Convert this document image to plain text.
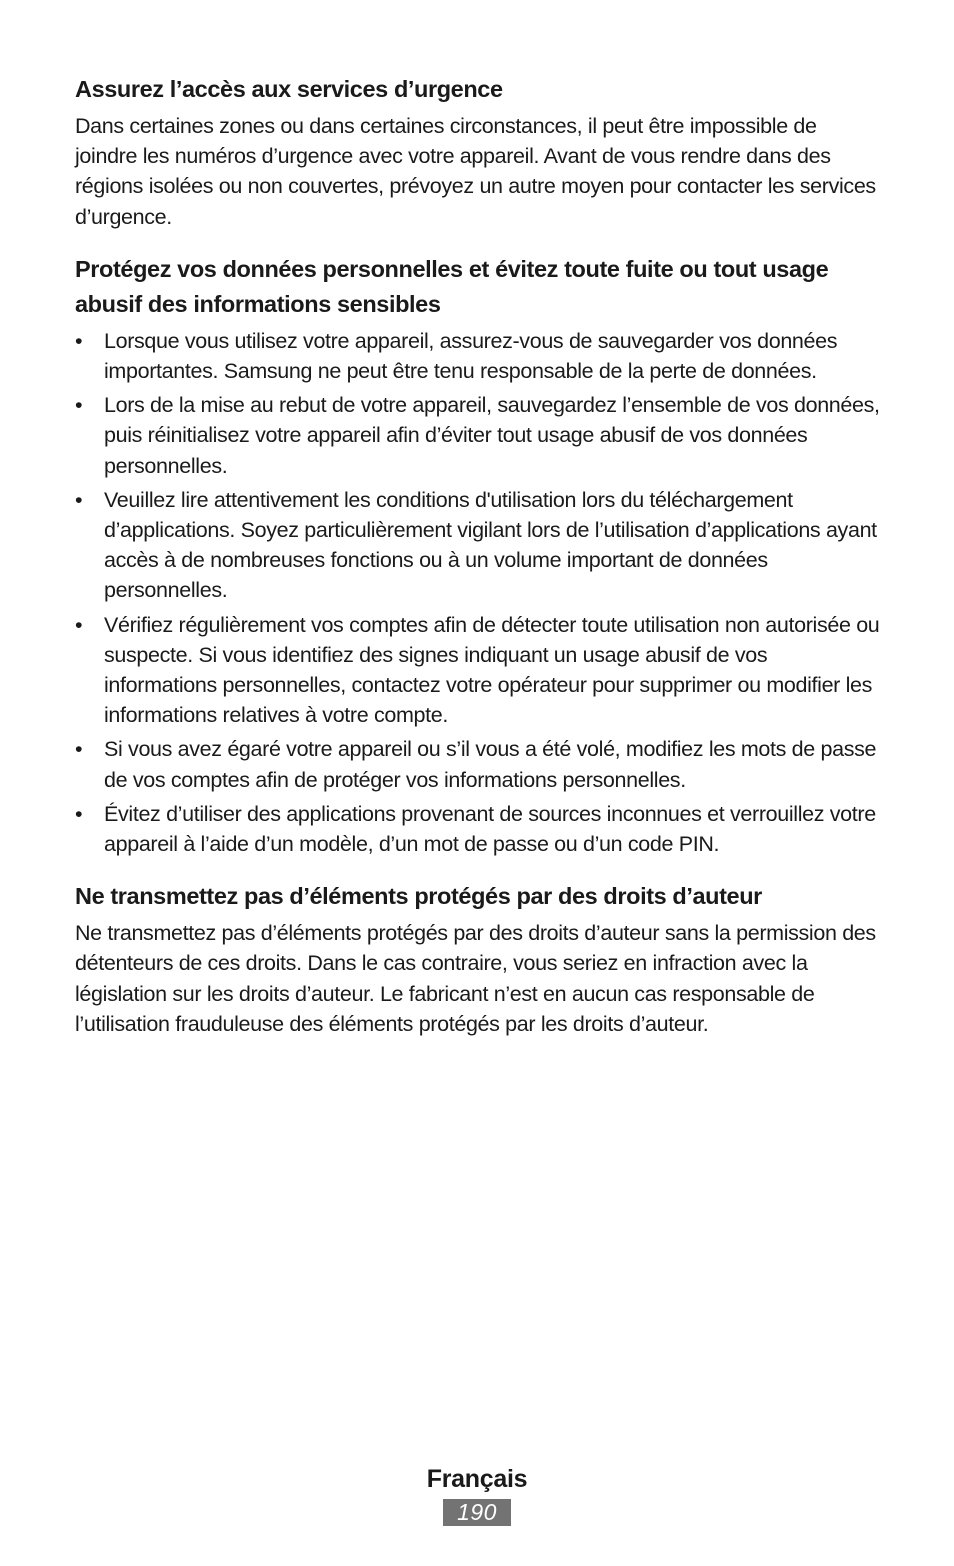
Assurez l’accès aux services d’urgence

Dans certaines zones ou dans certaines circonstances, il peut être impossible de joindre les numéros d’urgence avec votre appareil. Avant de vous rendre dans des régions isolées ou non couvertes, prévoyez un autre moyen pour contacter les services d’urgence.

Protégez vos données personnelles et évitez toute fuite ou tout usage abusif des informations sensibles
•	Lorsque vous utilisez votre appareil, assurez-vous de sauvegarder vos données importantes. Samsung ne peut être tenu responsable de la perte de données.
•	Lors de la mise au rebut de votre appareil, sauvegardez l’ensemble de vos données, puis réinitialisez votre appareil afin d’éviter tout usage abusif de vos données personnelles.
•	Veuillez lire attentivement les conditions d'utilisation lors du téléchargement d’applications. Soyez particulièrement vigilant lors de l’utilisation d’applications ayant accès à de nombreuses fonctions ou à un volume important de données personnelles.
•	Vérifiez régulièrement vos comptes afin de détecter toute utilisation non autorisée ou suspecte. Si vous identifiez des signes indiquant un usage abusif de vos informations personnelles, contactez votre opérateur pour supprimer ou modifier les informations relatives à votre compte.
•	Si vous avez égaré votre appareil ou s’il vous a été volé, modifiez les mots de passe de vos comptes afin de protéger vos informations personnelles.
•	Évitez d’utiliser des applications provenant de sources inconnues et verrouillez votre appareil à l’aide d’un modèle, d’un mot de passe ou d’un code PIN.
Ne transmettez pas d’éléments protégés par des droits d’auteur

Ne transmettez pas d’éléments protégés par des droits d’auteur sans la permission des détenteurs de ces droits. Dans le cas contraire, vous seriez en infraction avec la législation sur les droits d’auteur. Le fabricant n’est en aucun cas responsable de l’utilisation frauduleuse des éléments protégés par les droits d’auteur.

Français
190
